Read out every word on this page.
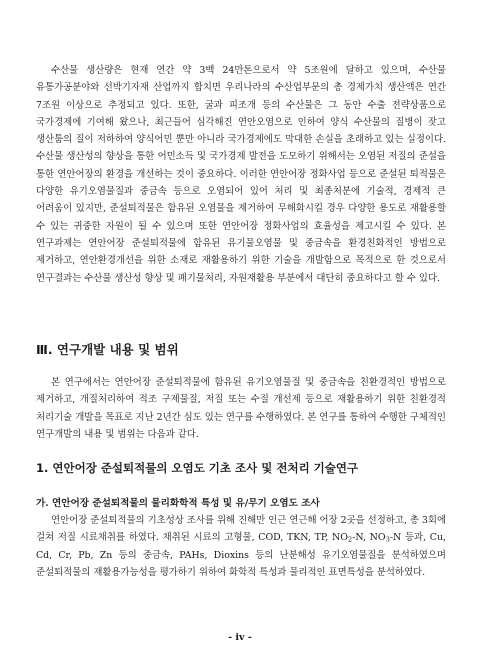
수산물 생산량은 현재 연간 약 3백 24만톤으로서 약 5조원에 달하고 있으며, 수산물 유통가공분야와 선박기자재 산업까지 합치면 우리나라의 수산업부문의 총 경제가치 생산액은 연간 7조원 이상으로 추정되고 있다. 또한, 굴과 피조개 등의 수산물은 그 동안 수출 전략상품으로 국가경제에 기여해 왔으나, 최근들어 심각해진 연안오염으로 인하여 양식 수산물의 질병이 잦고 생산툼의 질이 저하하여 양식어민 뿐만 아니라 국가경제에도 막대한 손실을 초래하고 있는 실정이다. 수산물 생산성의 향상을 통한 어민소득 및 국가경제 발전을 도모하기 위해서는 오염된 저질의 준설을 통한 연안어장의 환경을 개선하는 것이 중요하다. 이러한 연안어장 정화사업 등으로 준설된 퇴적물은 다양한 유기오염물질과 중금속 등으로 오염되어 있어 처리 및 최종처분에 기술적, 경제적 큰 어려움이 있지만, 준설퇴적물은 함유된 오염물을 제거하여 무해화시킬 경우 다양한 용도로 재활용할 수 있는 귀중한 자원이 될 수 있으며 또한 연안어장 정화사업의 효율성을 제고시킬 수 있다. 본 연구과제는 연안어장 준설퇴적물에 함유된 유기물오염물 및 중금속을 환경친화적인 방법으로 제거하고, 연안환경개선을 위한 소재로 재활용하기 위한 기술을 개발함으로 목적으로 한 것으로서 연구결과는 수산물 생산성 향상 및 폐기물처리, 자원재활용 부분에서 대단히 중요하다고 할 수 있다.

Ⅲ. 연구개발 내용 및 범위

본 연구에서는 연안어장 준설퇴적물에 함유된 유기오염물질 및 중금속을 친환경적인 방법으로 제거하고, 개질처리하여 적조 구제물질, 저질 또는 수질 개선제 등으로 재활용하기 위한 친환경적 처리기술 개발을 목표로 지난 2년간 심도 있는 연구를 수행하였다. 본 연구를 통하여 수행한 구체적인 연구개발의 내용 및 범위는 다음과 같다.

1. 연안어장 준설퇴적물의 오염도 기초 조사 및 전처리 기술연구
가. 연안어장 준설퇴적물의 물리화학적 특성 및 유/무기 오염도 조사

연안어장 준설퇴적물의 기초성상 조사를 위해 진해만 인근 연근해 어장 2곳을 선정하고, 총 3회에 걸쳐 저질 시료채취를 하였다. 채취된 시료의 고형물, COD, TKN, TP, $NO_2-N$, $NO_3-N$ 등과, Cu, Cd, Cr, Pb, Zn 등의 중금속, PAHs, Dioxins 등의 난분해성 유기오염물질을 분석하였으며 준설퇴적물의 재활용가능성을 평가하기 위하여 화학적 특성과 물리적인 표면특성을 분석하였다.

- iv -
